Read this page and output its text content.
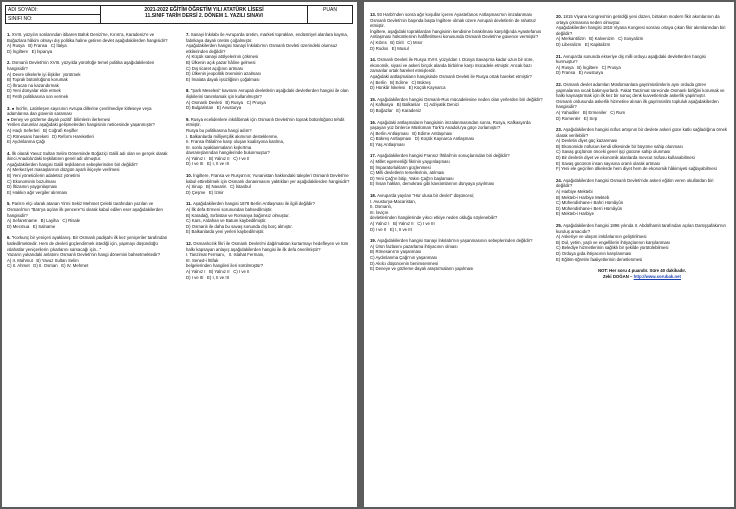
ADI SOYADI:	2021-2022 EĞİTİM ÖĞRETİM YILI ATATÜRK LİSESİ
11.SINIF TARİH DERSİ 2. DÖNEM 1. YAZILI SINAVI
	PUAN
SINIFI NO:
1. XVIII. yüzyılın sonlarından itibaren Baltık Denizi'ne, Kırım'a, Karadeniz'e ve Boğazlara hâkim olmayı dış politika haline getiren devlet aşağıdakilerden hangisidir?
A) Rusya   B) Fransa   C) İtalya
D) İngiltere   E) İspanya
2. Osmanlı Devleti'nin XVIII. yüzyılda yürürlüğe temel politika aşağıdakilerden hangisidir?
A) Devre ülkelerle iyi ilişkiler  yürütmek
B) Toprak bütünlüğünü korumak
C) İhracatı na kazandırmak
D) Yeni dünyalar elde etmek
E) Fetih politikasına son vermek
3. ● İnci'lin, Latinleşen sayısının Avrupa dillerine çevrilmediye kitleseye veya adamlarına dan güvenin saraması
● Deney ve gözleme dayalı pozitif  bilimlerin ilerlemesi
Yerilen durumlar aşağıdaki gelişmelerden hangisinin neticesinde yaşanmıştır?
A) Haçlı Seferleri   B) Coğrafi Keşifler
C) Rönesans hareketi   D) Reform Hareketleri
E) Aydınlanma Çağı
4. İlk olarak Yavuz Sultan Selim Döneminde Boğaziçi Galili adı olan ve gerçek olarak ikinci Anadolu'daki teşkilatının genel adı olmuştur.
Aşağıdakilerden hangisi Galili teşkilatının sebeplerinden biri değildir?
A) Merkeziyet masaşlarının düzgün ayarlı ikiçeyle verilmesi
B) Yeni yöneticilerin adaletsiz yönetimi
C) Ekonominin bozulması
D) İltizamın yaygınlaşması
E) Hakkın ağır vergiler alınması
5. Paris'e elçi olarak atanan Yirmi Sekiz Mehmet Çelebi tarafından yazılan ve Osmanlı'nın "Batı'ya açılan ilk pencere"si olarak kabul edilen eser aşağıdakilerden hangisidir?
A) Sefaretname   B) Layiha   C) Risale
D) Mecmua   E) Salname
6. "Korkunç bir yeniçeri ayaklanış. Bir Osmanlı padişahı ilk kez yeniçeriler tarafından katledilmektedir. Hem de devleti güçlendirmek istediği için, yapmayı düşündüğü ıslahatlar yeniçerilerin çıkarlarını sarsacağı için..."
Yazarın yukarıdaki anlatımı Osmanlı Devleti'nin hangi dönemini bahsetmektedir?
A) II. Mahmut   B) Yavuz Sultan Selim
C) II. Ahmet   D) II. Osman   E) IV. Mehmet
7. Sanayi İnkılabı ile Avrupa'da üretim, marketi toprakları, endüstriyel alanlara kayma, fabrikaya dayalı üretim çoğalmıştır.
Aşağıdakilerden hangisi Sanayi İnkılabı'nın Osmanlı Devleti üzerindeki olumsuz etkilerinden değildir?
A) Küçük sanayi atölyelerinin çökmesi
B) Ülkenin açık pazar hâline gelmesi
C) Dış ticaret açığının artması
D) Ülkenin jeopolitik öneminin azalması
E) İmalata dayalı işsizliğinin çoğalması
8. "Şark Meselesi" kavramı Avrupalı devletlerin aşağıdaki devletlerden hangisi ile olan ilişkilerini tanımlamak için kullanılmıştır?
A) Osmanlı Devleti   B) Rusya   C) Prusya
D) Bulgaristan   E) Avusturya
9. Rusya ecelidenlere inkılâbmak için Osmanlı Devleti'nin toprak bütünlüğünü tehdit etmiştir.
Rusya bu politikasına hangi adım?
I. Balkanlarda milliyetçilik akımının desteklenme,
II. Fransa İhtilali'ne karşı oluşan koalisyona katılma,
III. sonlu ayaklanmaların kışkırtma
davranışlarından hangilerinde bulunmuştur?
A) Yalnız I   B) Yalnız II   C) I ve II
D) I ve III   E) I, II ve III
10. İngiltere, Fransa ve Rusya'nın; Yunanistan hakkındaki talepleri Osmanlı Devleti'ne kabul ettirebilmek için Osmanlı donanmasını yaktıkları yer aşağıdakilerden hangisidir?
A) Sinop   B) Navarin   C) İstanbul
D) Çeşme   E) İzmir
11. Aşağıdakilerden hangisi 1878 Berlin Antlaşması ile ilgili değildir?
A) İlk defa Ermeni sorunundan bahsedilmiştir.
B) Karadağ, Sırbistan ve Romanya bağımsız olmuştur.
C) Kars, Ardahan ve Batum kaybedilmiştir.
D) Osmanlı ile daha bu savaş sonunda dış borç almıştır.
E) Balkanlarda yeni yerleri kaybedilmiştir.
12. Osmanlıcılık fikri ile Osmanlı Devleti'ni dağılmaktan kurtarmayı hedefleyen ve tüm halkı kapsayan anlayış aşağıdakilerden hangisi ile ilk defa önerilmiştir?
I. Tanzimat Fermanı,   II. Islahat Fermanı,
III. Sened-i İttifak
belgelerinden hangileri ileri sürülmüştür?
A) Yalnız I   B) Yalnız II   C) I ve II
D) I ve III   E) I, II ve III
13. 93 Harbi'nden sonra ağır koşullar içeren Ayastefanos Antlaşması'nın imzalanması Osmanlı Devleti'nin başında başta İngiltere olmak üzere Avrupalı devletlerin de rahatsız etmiştir.
İngiltere, aşağıdaki topraklardan hangisinin kendisine bırakılması karşılığında Ayastefanos Antlaşması hükümlerinin hafifletilmesi konusunda Osmanlı Devleti'ne güvence vermiştir?
A) Kıbrıs   B) Girit   C) Mısır
D) Rodos   E) Musul
14. Osmanlı Devleti ile Rusya XVIII. yüzyıldan I. Dünya Savaşı'na kadar uzun bir süre, ekonomik, siyasi ve askeri birçok alanda birbirine karşı mücadele etmiştir. Ancak bazı zamanlar ortak hareket etmişlerdir.
Aşağıdaki antlaşmaların hangisinde Osmanlı Devleti ile Rusya ortak hareket etmiştir?
A) Berlin   B) Edirne   C) Bükreş
D) Hünkâr İskelesi   E) Küçük Kaynarca
15. Aşağıdakilerden hangisi Osmanlı-Rus mücadelesine neden olan yerlerden biri değildir?
A) Kafkasya   B) Balkanlar   C) Adriyatik Denizi
D) Boğazlar   E) Karadeniz
16. Aşağıdaki antlaşmaların hangisinin imzalanmasından sonra, Rusya, Kafkasya'da yaşayan yüz binlerce Müslüman Türk'ü Anadolu'ya göçe zorlamıştır?
A) Berlin Antlaşması   B) Edirne Antlaşması
C) Bükreş Antlaşması   D) Küçük Kaynarca Antlaşması
E) Yaş Antlaşması
17. Aşağıdakilerden hangisi Fransız İhtilali'nin sonuçlarından biri değildir?
A) Millet egemenliği fikrinin yaygınlaşması
B) İmparatorlukların güçlenmesi
C) Milli devletlerin temellerinin, atılması
D) Yeni Çağ'ın bitip, Yakın Çağ'ın başlaması
E) İnsan hakları, demokrasi gibi kavramlarının dünyaya yayılması
18. Avrupa'da yayılan "Hür ulusa bir devlet" düşüncesi;
I. Avusturya-Macaristan,
II. Osmanlı,
III. İsviçre
devletlerinden hangilerinde yıkıcı etkiye neden olduğu söylenebilir?
A) Yalnız I   B) Yalnız II   C) I ve III
D) I ve II   E) I, II ve III
19. Aşağıdakilerden hangisi Sanayi İnkılabı'nın yaşanmasının sebeplerinden değildir?
A) Ürün fazlasını pazarlama ihtiyacının olması
B) Rönesans'ın yaşanması
C) Aydınlanma Çağı'nın yaşanması
D) Akılcı düşüncenin benimsenmesi
E) Deneye ve gözleme dayalı araştırmaların yapılması
20. 1815 Viyana Kongresi'nin getirdiği yeni düzen, birtakım modern fikir akımlarının da ortaya çıkmasına neden olmuştur.
Aşağıdakilerden hangisi 1815 Viyana Kongresi sonrası ortaya çıkan fikir akımlarından biri değildir?
A) Merkantilizm   B) Kalvenizm   C) Sosyalizm
D) Liberalizm   E) Kapitalizm
21. Avrupa'da sonunda ekseriye diş milli orduyu aşağıdaki devletlerden hangisi kurmuştur?
A) Rusya   B) İngiltere   C) Prusya
D) Fransa   E) Avusturya
22. Osmanlı devlet adamları Müslümanlara gayrimüslimlerin aynı orduda görev yapmalarına sıcak bakmıyorlardı. Fakat Tanzimat sürecinde Osmanlı birliğini korumak ve halkı kaynaştırmak için ilk kez bir sonuç denk kuvvetlerinde askerlik yapılmıştır.
Osmanlı ordusunda askerlik hizmetine alınan ilk gayrimüslim topluluk aşağıdakilerden hangisidir?
A) Yahudiler   B) Ermeniler   C) Rum
D) Romenler   E) Sırp
23. Aşağıdakilerden hangisi nüfus artışının bir devlete askeri güce katkı sağladığına örnek olarak verilebilir?
A) Devletin diyet güç kazanması
B) Ekonomide nüfusun kendi ülkesinde bir büyüme sahip olunması
C) Savaş güçlünün önceki genel işçi gücüne sahip olunması
D) Bir devletin diyet ve ekonomik alanlarda mevcut nüfusu kullanabilmesi
E) Savaş gücünün insan sayısına oranlı olarak artması
F) Yeni ele geçirilen ülkelerde hem diyet hem de ekonomik hâkimiyeti sağlayabilmesi
24. Aşağıdakilerden hangisi Osmanlı Devleti'nde askeri eğitim veren okullardan biri değildir?
A) Harbiye Mektebi
B) Mekteb-i Harbiye Mekteb
C) Mühendishane-i Bahri Hümâyûn
D) Mühendishane-i Berri Hümâyûn
E) Mekteb-i Harbiye
25. Aşağıdakilerden hangisi 1896 yılında II. Abdülhamit tarafından açılan Darüşşafaka'nın kuruluş amacıdır?
A) Askeriye ve ulaşım imkânlarının geliştirilmesi
B) Dul, yetim, yaşlı ve engellilerin ihtiyaçlarının karşılanması
C) Belediye hizmetlerinin sağlıklı bir şekilde yürütülebilmesi
D) Orduya gıda ihtiyacının karşılanması
E) Eğitim-öğretim faaliyetlerinin denetlenmesi
NOT: Her soru 4 puandır. Süre 40 dakikadır.
Zeki DOĞAN – http://www.sorubak.net
